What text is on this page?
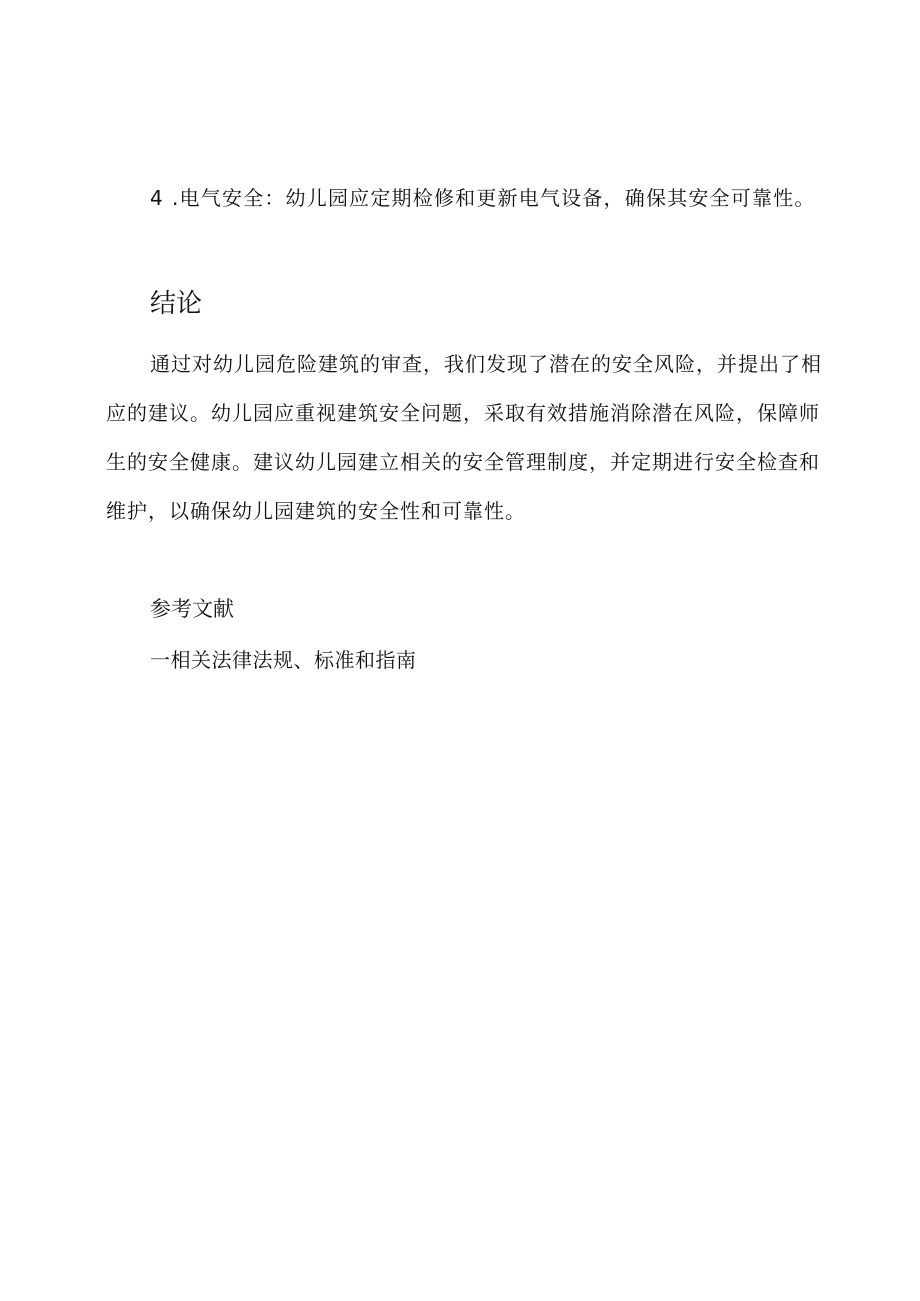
4 .电气安全：幼儿园应定期检修和更新电气设备，确保其安全可靠性。
结论

通过对幼儿园危险建筑的审查，我们发现了潜在的安全风险，并提出了相应的建议。幼儿园应重视建筑安全问题，采取有效措施消除潜在风险，保障师生的安全健康。建议幼儿园建立相关的安全管理制度，并定期进行安全检查和维护，以确保幼儿园建筑的安全性和可靠性。

参考文献

一相关法律法规、标准和指南
